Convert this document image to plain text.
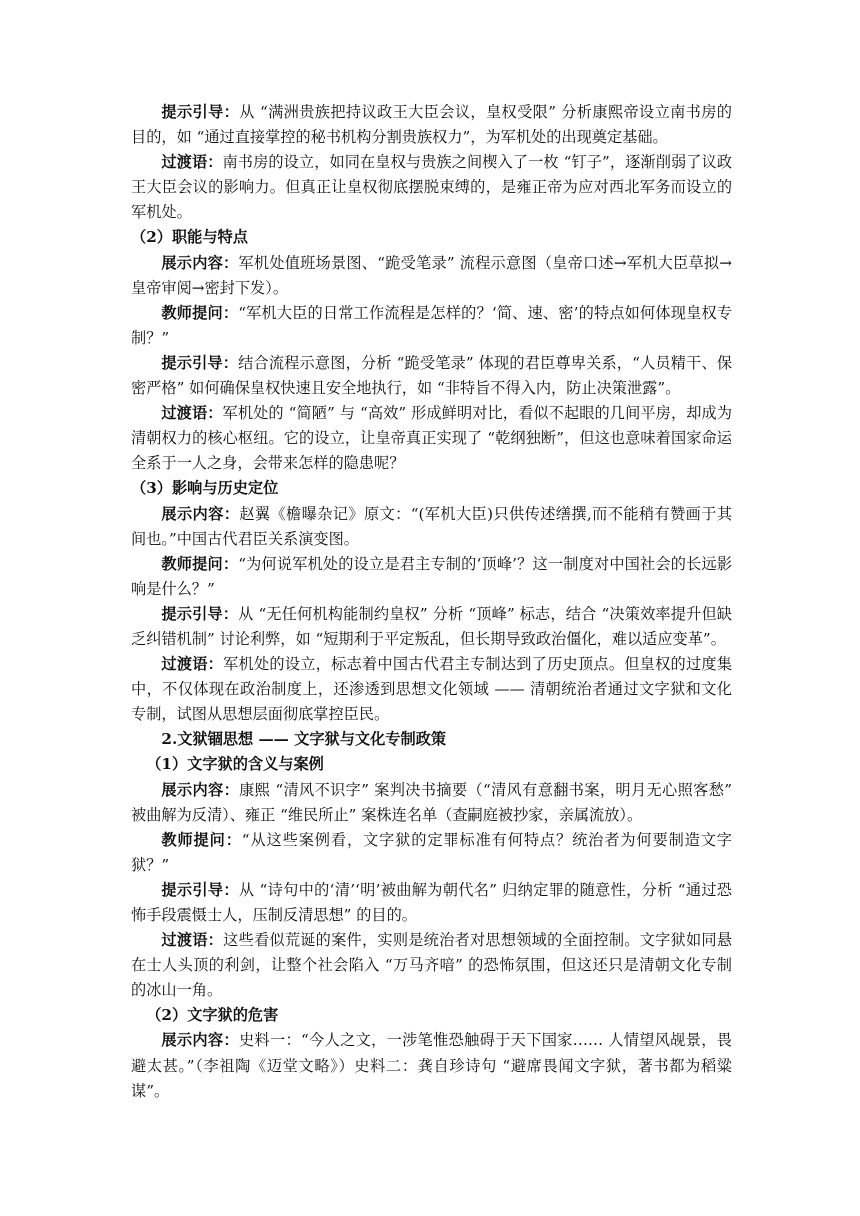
提示引导：从 “满洲贵族把持议政王大臣会议，皇权受限” 分析康熙帝设立南书房的目的，如 “通过直接掌控的秘书机构分割贵族权力”，为军机处的出现奠定基础。

过渡语：南书房的设立，如同在皇权与贵族之间楔入了一枚 “钉子”，逐渐削弱了议政王大臣会议的影响力。但真正让皇权彻底摆脱束缚的，是雍正帝为应对西北军务而设立的军机处。

（2）职能与特点

展示内容：军机处值班场景图、“跪受笔录” 流程示意图（皇帝口述→军机大臣草拟→皇帝审阅→密封下发）。

教师提问：“军机大臣的日常工作流程是怎样的？‘简、速、密’的特点如何体现皇权专制？”

提示引导：结合流程示意图，分析 “跪受笔录” 体现的君臣尊卑关系，“人员精干、保密严格” 如何确保皇权快速且安全地执行，如 “非特旨不得入内，防止决策泄露”。

过渡语：军机处的 “简陋” 与 “高效” 形成鲜明对比，看似不起眼的几间平房，却成为清朝权力的核心枢纽。它的设立，让皇帝真正实现了 “乾纲独断”，但这也意味着国家命运全系于一人之身，会带来怎样的隐患呢？

（3）影响与历史定位

展示内容：赵翼《檐曝杂记》原文：“(军机大臣)只供传述缮撰,而不能稍有赞画于其间也。”中国古代君臣关系演变图。

教师提问：“为何说军机处的设立是君主专制的‘顶峰’？这一制度对中国社会的长远影响是什么？”

提示引导：从 “无任何机构能制约皇权” 分析 “顶峰” 标志，结合 “决策效率提升但缺乏纠错机制” 讨论利弊，如 “短期利于平定叛乱，但长期导致政治僵化，难以适应变革”。

过渡语：军机处的设立，标志着中国古代君主专制达到了历史顶点。但皇权的过度集中，不仅体现在政治制度上，还渗透到思想文化领域 —— 清朝统治者通过文字狱和文化专制，试图从思想层面彻底掌控臣民。

2.文狱锢思想 —— 文字狱与文化专制政策

（1）文字狱的含义与案例

展示内容：康熙 “清风不识字” 案判决书摘要（“清风有意翻书案，明月无心照客愁” 被曲解为反清）、雍正 “维民所止” 案株连名单（查嗣庭被抄家，亲属流放）。

教师提问：“从这些案例看，文字狱的定罪标准有何特点？统治者为何要制造文字狱？”

提示引导：从 “诗句中的‘清’‘明’被曲解为朝代名” 归纳定罪的随意性，分析 “通过恐怖手段震慑士人，压制反清思想” 的目的。

过渡语：这些看似荒诞的案件，实则是统治者对思想领域的全面控制。文字狱如同悬在士人头顶的利剑，让整个社会陷入 “万马齐喑” 的恐怖氛围，但这还只是清朝文化专制的冰山一角。

（2）文字狱的危害

展示内容：史料一：“今人之文，一涉笔惟恐触碍于天下国家…… 人情望风觇景，畏避太甚。”（李祖陶《迈堂文略》）史料二：龚自珍诗句 “避席畏闻文字狱，著书都为稻粱谋”。
